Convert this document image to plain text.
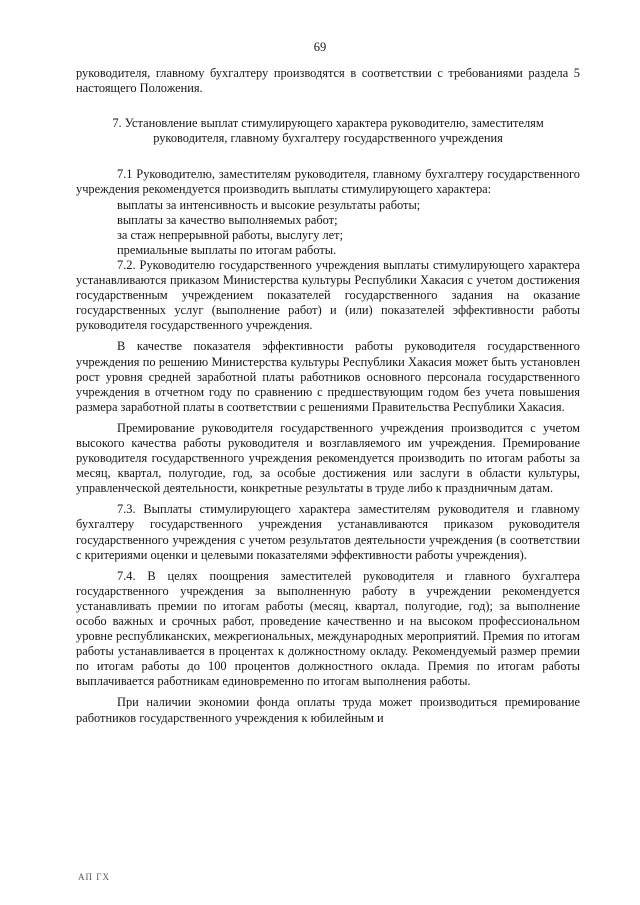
69

руководителя, главному бухгалтеру производятся в соответствии с требованиями раздела 5 настоящего Положения.

7. Установление выплат стимулирующего характера руководителю, заместителям руководителя, главному бухгалтеру государственного учреждения

7.1 Руководителю, заместителям руководителя, главному бухгалтеру государственного учреждения рекомендуется производить выплаты стимулирующего характера:

выплаты за интенсивность и высокие результаты работы;

выплаты за качество выполняемых работ;

за стаж непрерывной работы, выслугу лет;

премиальные выплаты по итогам работы.

7.2. Руководителю государственного учреждения выплаты стимулирующего характера устанавливаются приказом Министерства культуры Республики Хакасия с учетом достижения государственным учреждением показателей государственного задания на оказание государственных услуг (выполнение работ) и (или) показателей эффективности работы руководителя государственного учреждения.

В качестве показателя эффективности работы руководителя государственного учреждения по решению Министерства культуры Республики Хакасия может быть установлен рост уровня средней заработной платы работников основного персонала государственного учреждения в отчетном году по сравнению с предшествующим годом без учета повышения размера заработной платы в соответствии с решениями Правительства Республики Хакасия.

Премирование руководителя государственного учреждения производится с учетом высокого качества работы руководителя и возглавляемого им учреждения. Премирование руководителя государственного учреждения рекомендуется производить по итогам работы за месяц, квартал, полугодие, год, за особые достижения или заслуги в области культуры, управленческой деятельности, конкретные результаты в труде либо к праздничным датам.

7.3. Выплаты стимулирующего характера заместителям руководителя и главному бухгалтеру государственного учреждения устанавливаются приказом руководителя государственного учреждения с учетом результатов деятельности учреждения (в соответствии с критериями оценки и целевыми показателями эффективности работы учреждения).

7.4. В целях поощрения заместителей руководителя и главного бухгалтера государственного учреждения за выполненную работу в учреждении рекомендуется устанавливать премии по итогам работы (месяц, квартал, полугодие, год); за выполнение особо важных и срочных работ, проведение качественно и на высоком профессиональном уровне республиканских, межрегиональных, международных мероприятий. Премия по итогам работы устанавливается в процентах к должностному окладу. Рекомендуемый размер премии по итогам работы до 100 процентов должностного оклада. Премия по итогам работы выплачивается работникам единовременно по итогам выполнения работы.

При наличии экономии фонда оплаты труда может производиться премирование работников государственного учреждения к юбилейным и

АП ГХ
